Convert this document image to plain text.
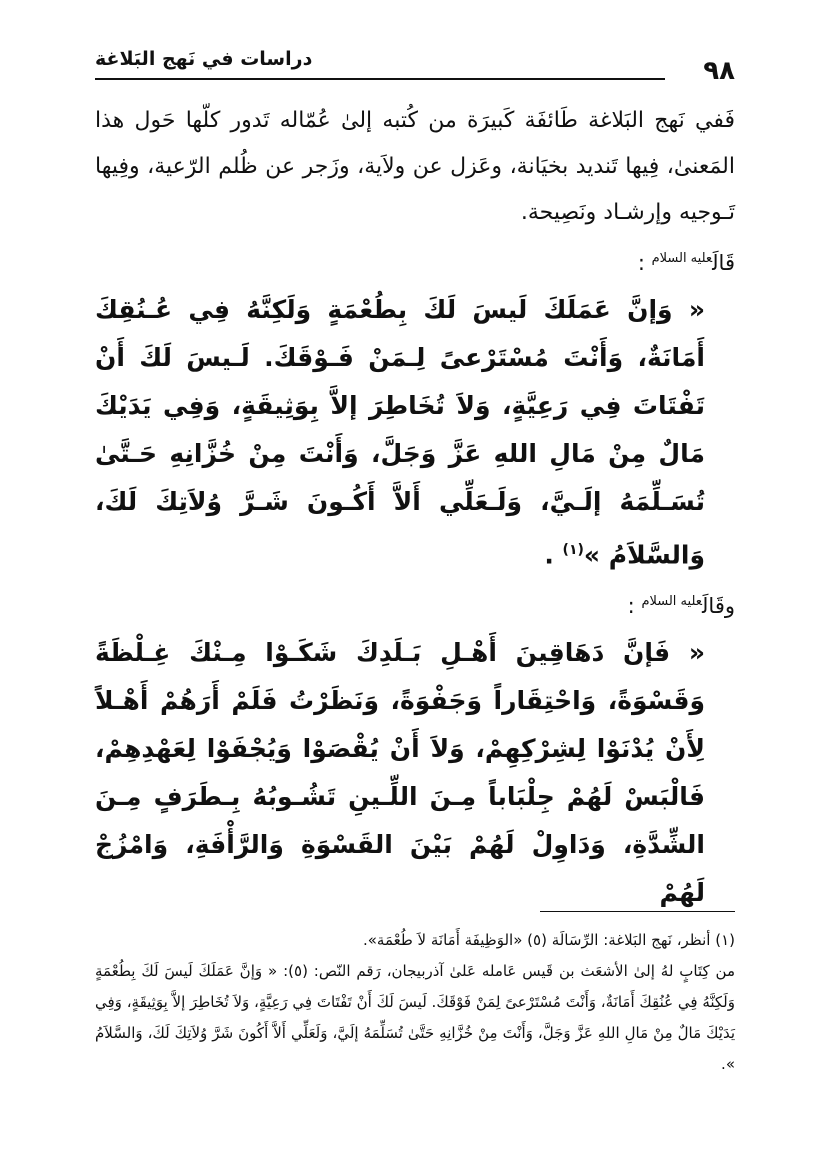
دراسات في نَهج البَلاغة	٩٨

فَفي نَهج البَلاغة طَائفَة كَبيرَة من كُتبه إلىٰ عُمّاله تَدور كلّها حَول هذا المَعنىٰ، فِيها تَنديد بخيَانة، وعَزل عن ولاَية، وزَجر عن ظُلم الرّعية، وفِيها تَـوجيه وإرشـاد ونَصِيحة.

قَالَ$^{عليه السلام}$ :

« وَإنَّ عَمَلَكَ لَيسَ لَكَ بِطُعْمَةٍ وَلَكِنَّهُ فِي عُـنُقِكَ أَمَانَةٌ، وَأَنْتَ مُسْتَرْعىً لِـمَنْ فَـوْقَكَ. لَـيسَ لَكَ أَنْ تَفْتَاتَ فِي رَعِيَّةٍ، وَلاَ تُخَاطِرَ إلاَّ بِوَثِيقَةٍ، وَفِي يَدَيْكَ مَالٌ مِنْ مَالِ اللهِ عَزَّ وَجَلَّ، وَأَنْتَ مِنْ خُزَّانِهِ حَـتَّىٰ تُسَـلِّمَهُ إلَـيَّ، وَلَـعَلِّي أَلاَّ أَكُـونَ شَـرَّ وُلاَتِكَ لَكَ، وَالسَّلاَمُ »$^{(١)}$ .

وقَالَ$^{عليه السلام}$ :

« فَإنَّ دَهَاقِينَ أَهْـلِ بَـلَدِكَ شَكَـوْا مِـنْكَ غِـلْظَةً وَقَسْوَةً، وَاحْتِقَاراً وَجَفْوَةً، وَنَظَرْتُ فَلَمْ أَرَهُمْ أَهْـلاً لِأَنْ يُدْنَوْا لِشِرْكِهِمْ، وَلاَ أَنْ يُقْصَوْا وَيُجْفَوْا لِعَهْدِهِمْ، فَالْبَسْ لَهُمْ جِلْبَاباً مِـنَ اللِّـينِ تَشُـوبُهُ بِـطَرَفٍ مِـنَ الشِّدَّةِ، وَدَاوِلْ لَهُمْ بَيْنَ القَسْوَةِ وَالرَّأْفَةِ، وَامْزُجْ لَهُمْ

(١) أنظر، نَهج البَلاغة: الرِّسَالَة (٥) «الوَظِيفَة أَمَانَة لاَ طُعْمَة».

من كِتَابٍ لهُ إلىٰ الأشعَث بن قَيس عَامله عَلىٰ آذربيجان، رَقم النّص: (٥): « وَإنَّ عَمَلَكَ لَيسَ لَكَ بِطُعْمَةٍ وَلَكِنَّهُ فِي عُنُقِكَ أَمَانَةٌ، وَأَنْتَ مُسْتَرْعىً لِمَنْ فَوْقَكَ. لَيسَ لَكَ أَنْ تَفْتَاتَ فِي رَعِيَّةٍ، وَلاَ تُخَاطِرَ إلاَّ بِوَثِيقَةٍ، وَفِي يَدَيْكَ مَالٌ مِنْ مَالِ اللهِ عَزَّ وَجَلَّ، وَأَنْتَ مِنْ خُزَّانِهِ حَتَّىٰ تُسَلِّمَهُ إلَيَّ، وَلَعَلِّي أَلاَّ أَكُونَ شَرَّ وُلاَتِكَ لَكَ، وَالسَّلاَمُ ».
